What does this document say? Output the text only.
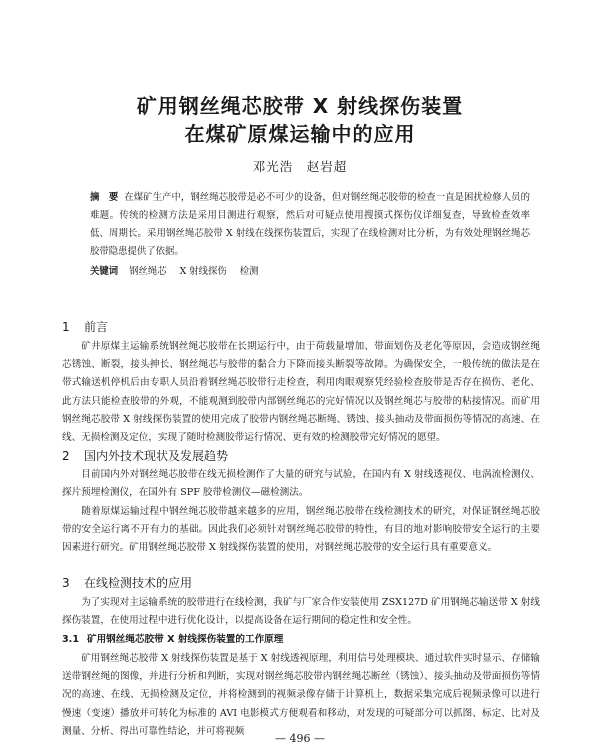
矿用钢丝绳芯胶带 X 射线探伤装置
在煤矿原煤运输中的应用
邓光浩　赵岩超
摘　要 在煤矿生产中，钢丝绳芯胶带是必不可少的设备，但对钢丝绳芯胶带的检查一直是困扰检修人员的难题。传统的检测方法是采用目测进行观察，然后对可疑点使用搜摸式探伤仪详细复查，导致检查效率低、周期长。采用钢丝绳芯胶带 X 射线在线探伤装置后，实现了在线检测对比分析，为有效处理钢丝绳芯胶带隐患提供了依据。
关键词 钢丝绳芯 X 射线探伤 检测
1 前言
矿井原煤主运输系统钢丝绳芯胶带在长期运行中，由于荷载量增加、带面划伤及老化等原因，会造成钢丝绳芯锈蚀、断裂，接头抻长、钢丝绳芯与胶带的黏合力下降而接头断裂等故障。为确保安全，一般传统的做法是在带式输送机停机后由专职人员沿着钢丝绳芯胶带行走检查，利用肉眼观察凭经验检查胶带是否存在损伤、老化、此方法只能检查胶带的外观，不能观测到胶带内部钢丝绳芯的完好情况以及钢丝绳芯与胶带的粘接情况。而矿用钢丝绳芯胶带 X 射线探伤装置的使用完成了胶带内钢丝绳芯断绳、锈蚀、接头抽动及带面损伤等情况的高速、在线、无损检测及定位，实现了随时检测胶带运行情况、更有效的检测胶带完好情况的愿望。
2 国内外技术现状及发展趋势
目前国内外对钢丝绳芯胶带在线无损检测作了大量的研究与试验，在国内有 X 射线透视仪、电涡流检测仪、探片预埋检测仪，在国外有 SPF 胶带检测仪—磁检测法。
随着原煤运输过程中钢丝绳芯胶带越来越多的应用，钢丝绳芯胶带在线检测技术的研究，对保证钢丝绳芯胶带的安全运行离不开有力的基础。因此我们必须针对钢丝绳芯胶带的特性，有目的地对影响胶带安全运行的主要因素进行研究。矿用钢丝绳芯胶带 X 射线探伤装置的使用，对钢丝绳芯胶带的安全运行具有重要意义。
3 在线检测技术的应用
为了实现对主运输系统的胶带进行在线检测，我矿与厂家合作安装使用 ZSX127D 矿用钢绳芯输送带 X 射线探伤装置，在使用过程中进行优化设计，以提高设备在运行期间的稳定性和安全性。
3.1 矿用钢丝绳芯胶带 X 射线探伤装置的工作原理
矿用钢丝绳芯胶带 X 射线探伤装置是基于 X 射线透视原理，利用信号处理模块、通过软件实时显示、存储输送带钢丝绳的图像，并进行分析和判断，实现对钢丝绳芯胶带内钢丝绳芯断丝（锈蚀）、接头抽动及带面损伤等情况的高速、在线、无损检测及定位，并将检测到的视频录像存储于计算机上，数据采集完成后视频录像可以进行慢速（变速）播放并可转化为标准的 AVI 电影模式方便观看和移动，对发现的可疑部分可以抓图、标定、比对及测量、分析、得出可靠性结论，并可将视频
— 496 —
